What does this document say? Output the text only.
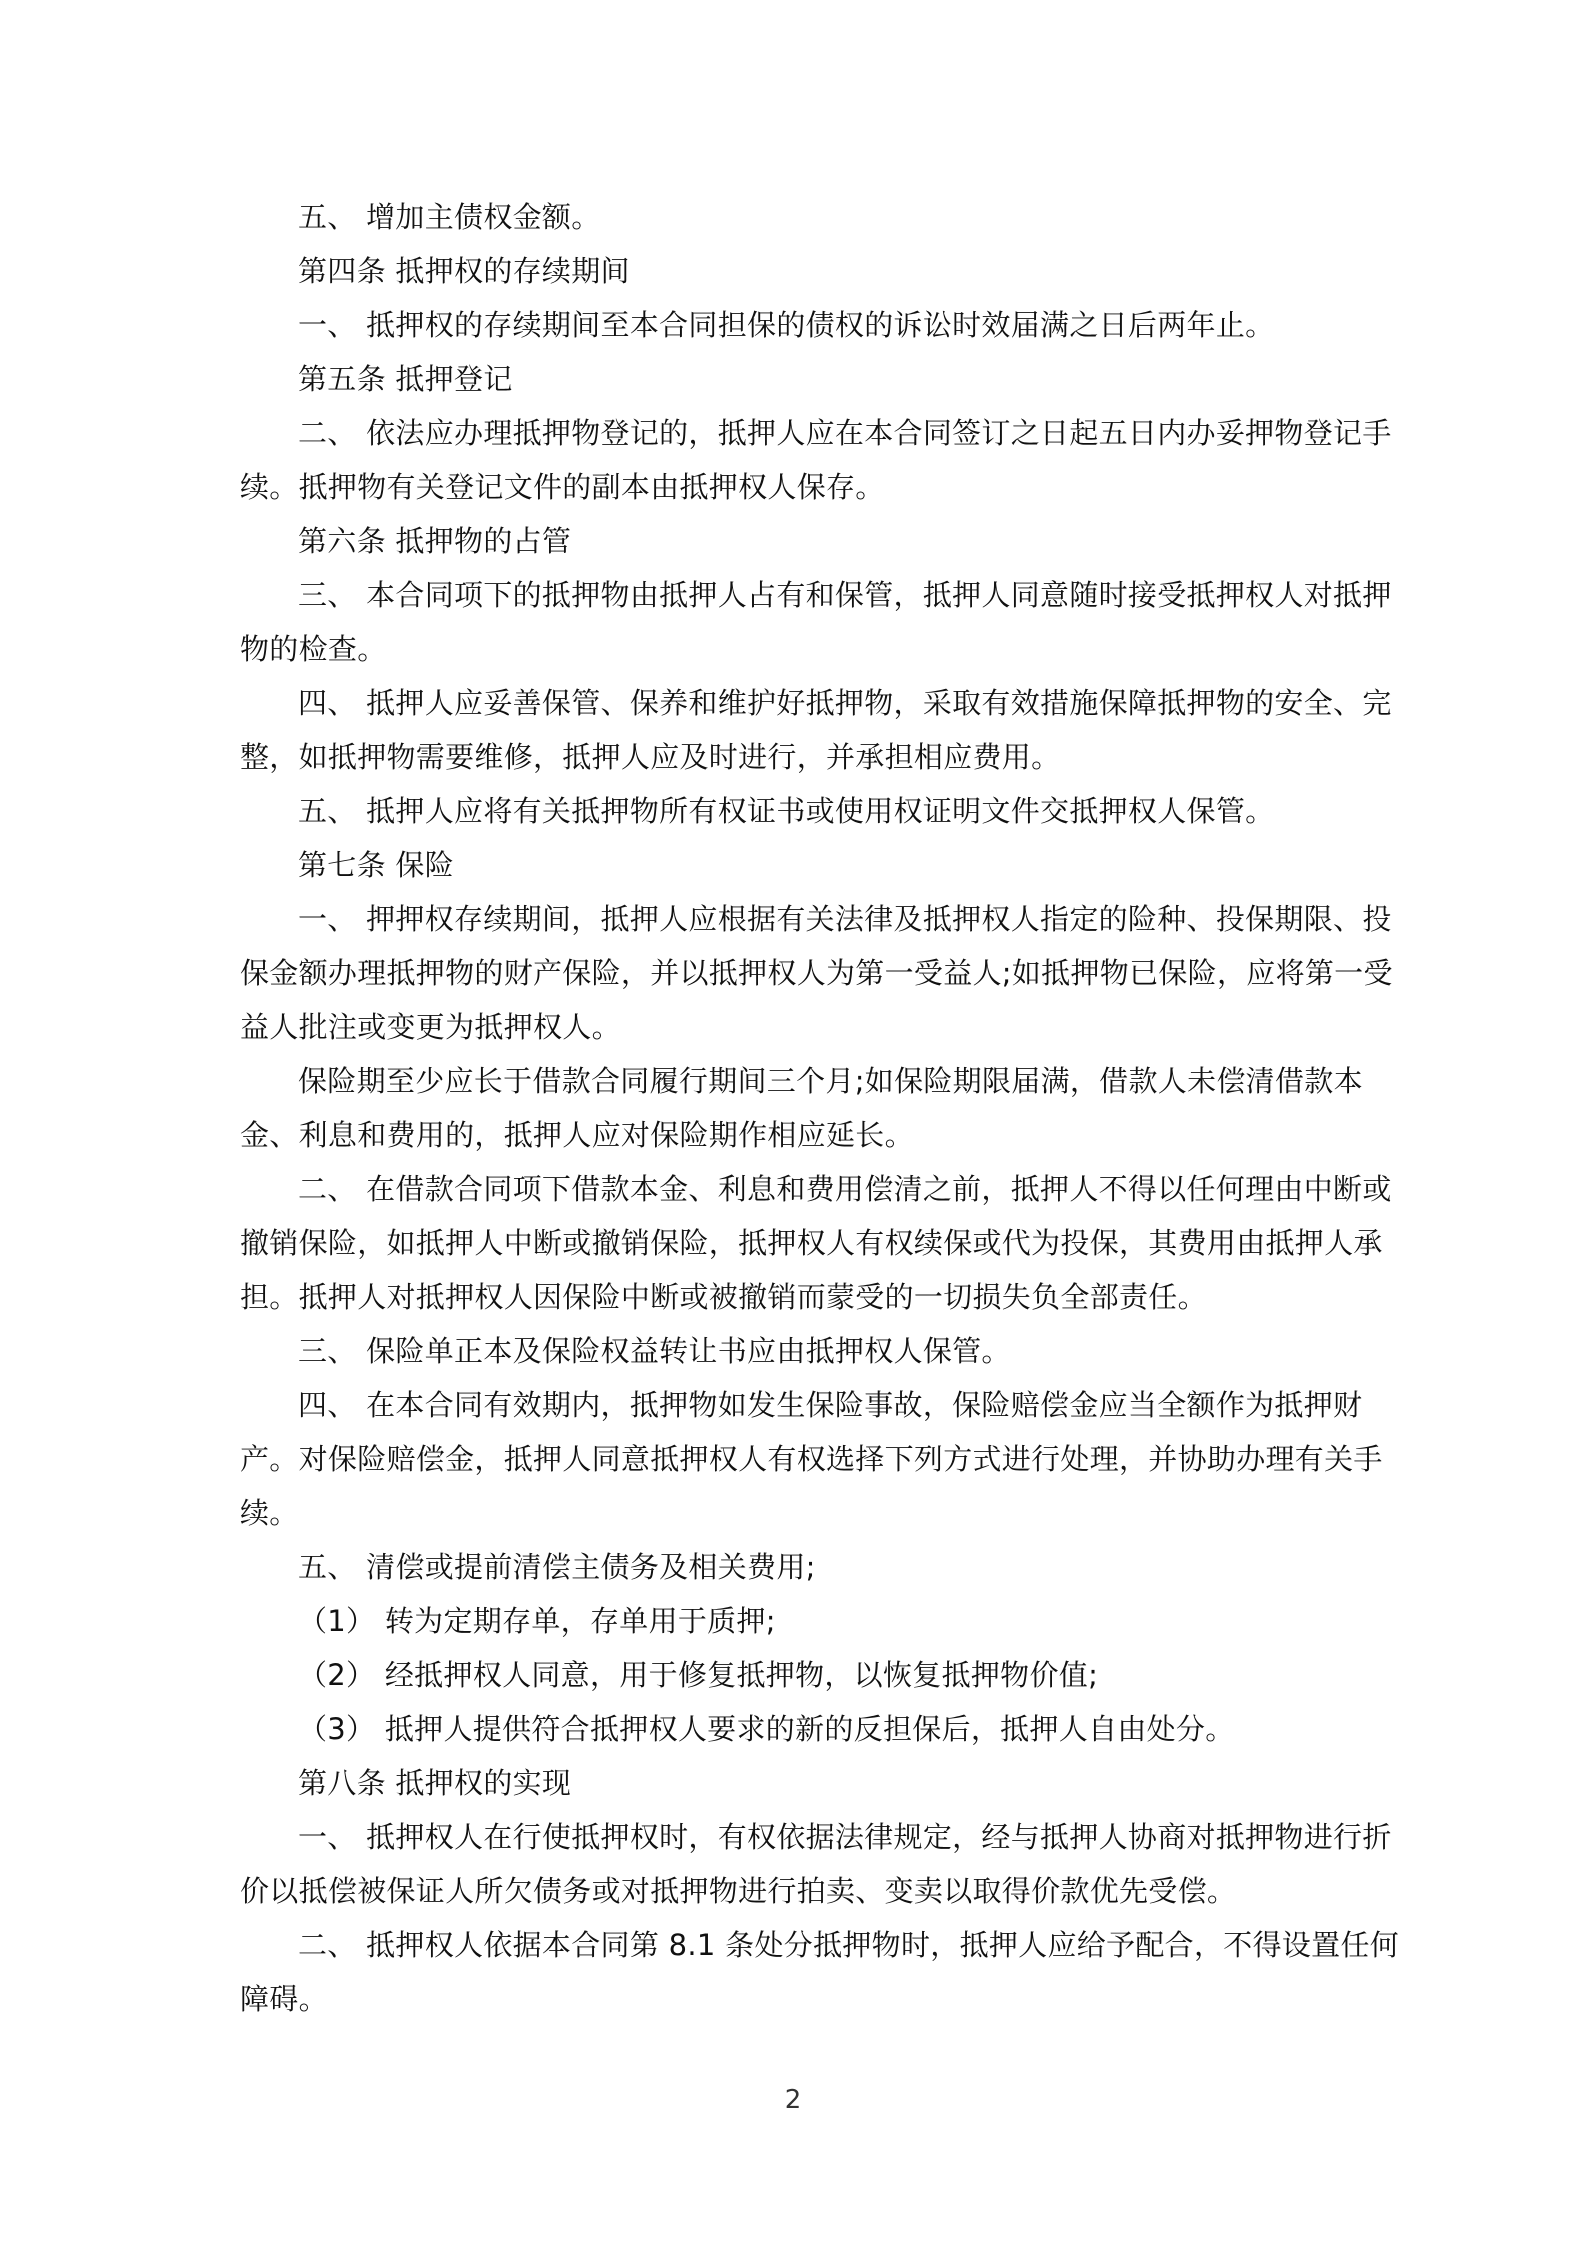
五、 增加主债权金额。

第四条 抵押权的存续期间

一、 抵押权的存续期间至本合同担保的债权的诉讼时效届满之日后两年止。

第五条 抵押登记

二、 依法应办理抵押物登记的，抵押人应在本合同签订之日起五日内办妥押物登记手
续。抵押物有关登记文件的副本由抵押权人保存。

第六条 抵押物的占管

三、 本合同项下的抵押物由抵押人占有和保管，抵押人同意随时接受抵押权人对抵押
物的检查。

四、 抵押人应妥善保管、保养和维护好抵押物，采取有效措施保障抵押物的安全、完
整，如抵押物需要维修，抵押人应及时进行，并承担相应费用。

五、 抵押人应将有关抵押物所有权证书或使用权证明文件交抵押权人保管。

第七条 保险

一、 押押权存续期间，抵押人应根据有关法律及抵押权人指定的险种、投保期限、投
保金额办理抵押物的财产保险，并以抵押权人为第一受益人;如抵押物已保险，应将第一受
益人批注或变更为抵押权人。

保险期至少应长于借款合同履行期间三个月;如保险期限届满，借款人未偿清借款本
金、利息和费用的，抵押人应对保险期作相应延长。

二、 在借款合同项下借款本金、利息和费用偿清之前，抵押人不得以任何理由中断或
撤销保险，如抵押人中断或撤销保险，抵押权人有权续保或代为投保，其费用由抵押人承
担。抵押人对抵押权人因保险中断或被撤销而蒙受的一切损失负全部责任。

三、 保险单正本及保险权益转让书应由抵押权人保管。

四、 在本合同有效期内，抵押物如发生保险事故，保险赔偿金应当全额作为抵押财
产。对保险赔偿金，抵押人同意抵押权人有权选择下列方式进行处理，并协助办理有关手
续。

五、 清偿或提前清偿主债务及相关费用;

（1） 转为定期存单，存单用于质押;

（2） 经抵押权人同意，用于修复抵押物，以恢复抵押物价值;

（3） 抵押人提供符合抵押权人要求的新的反担保后，抵押人自由处分。

第八条 抵押权的实现

一、 抵押权人在行使抵押权时，有权依据法律规定，经与抵押人协商对抵押物进行折
价以抵偿被保证人所欠债务或对抵押物进行拍卖、变卖以取得价款优先受偿。

二、 抵押权人依据本合同第 8.1 条处分抵押物时，抵押人应给予配合，不得设置任何
障碍。

2
